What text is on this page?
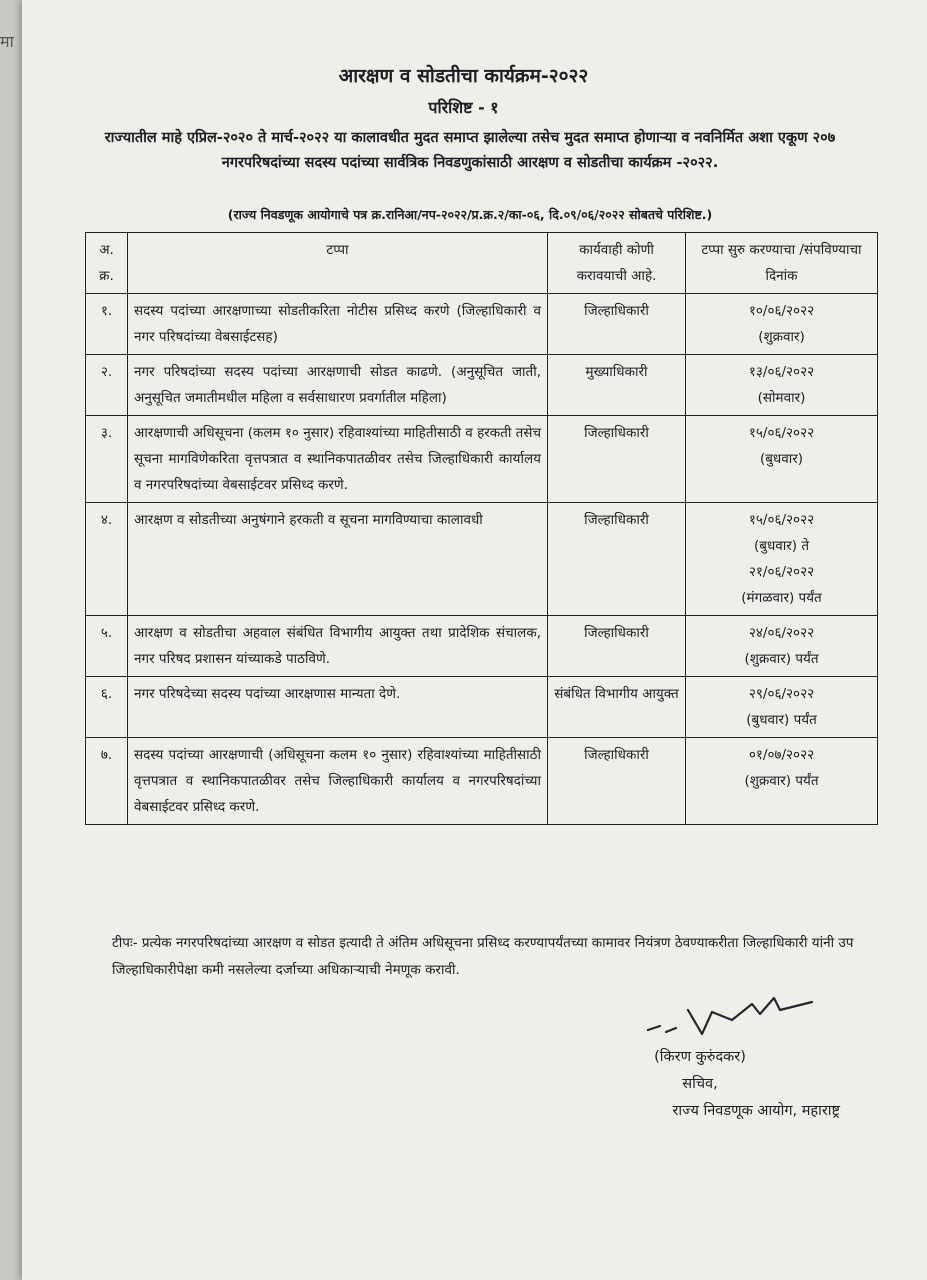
मा
आरक्षण व सोडतीचा कार्यक्रम-२०२२
परिशिष्ट - १
राज्यातील माहे एप्रिल-२०२० ते मार्च-२०२२ या कालावधीत मुदत समाप्त झालेल्या तसेच मुदत समाप्त होणाऱ्या व नवनिर्मित अशा एकूण २०७ नगरपरिषदांच्या सदस्य पदांच्या सार्वत्रिक निवडणुकांसाठी आरक्षण व सोडतीचा कार्यक्रम -२०२२.
(राज्य निवडणूक आयोगाचे पत्र क्र.रानिआ/नप-२०२२/प्र.क्र.२/का-०६, दि.०९/०६/२०२२ सोबतचे परिशिष्ट.)
अ. क्र.	टप्पा	कार्यवाही कोणी करावयाची आहे.	टप्पा सुरु करण्याचा /संपविण्याचा दिनांक
१.	सदस्य पदांच्या आरक्षणाच्या सोडतीकरिता नोटीस प्रसिध्द करणे (जिल्हाधिकारी व नगर परिषदांच्या वेबसाईटसह)	जिल्हाधिकारी	१०/०६/२०२२
(शुक्रवार)

२.	नगर परिषदांच्या सदस्य पदांच्या आरक्षणाची सोडत काढणे. (अनुसूचित जाती, अनुसूचित जमातीमधील महिला व सर्वसाधारण प्रवर्गातील महिला)	मुख्याधिकारी	१३/०६/२०२२
(सोमवार)

३.	आरक्षणाची अधिसूचना (कलम १० नुसार) रहिवाश्यांच्या माहितीसाठी व हरकती तसेच सूचना मागविणेकरिता वृत्तपत्रात व स्थानिकपातळीवर तसेच जिल्हाधिकारी कार्यालय व नगरपरिषदांच्या वेबसाईटवर प्रसिध्द करणे.	जिल्हाधिकारी	१५/०६/२०२२
(बुधवार)

४.	आरक्षण व सोडतीच्या अनुषंगाने हरकती व सूचना मागविण्याचा कालावधी	जिल्हाधिकारी	१५/०६/२०२२
(बुधवार) ते
२१/०६/२०२२
(मंगळवार) पर्यंत

५.	आरक्षण व सोडतीचा अहवाल संबंधित विभागीय आयुक्त तथा प्रादेशिक संचालक, नगर परिषद प्रशासन यांच्याकडे पाठविणे.	जिल्हाधिकारी	२४/०६/२०२२
(शुक्रवार) पर्यंत

६.	नगर परिषदेच्या सदस्य पदांच्या आरक्षणास मान्यता देणे.	संबंधित विभागीय आयुक्त	२९/०६/२०२२
(बुधवार) पर्यंत

७.	सदस्य पदांच्या आरक्षणाची (अधिसूचना कलम १० नुसार) रहिवाश्यांच्या माहितीसाठी वृत्तपत्रात व स्थानिकपातळीवर तसेच जिल्हाधिकारी कार्यालय व नगरपरिषदांच्या वेबसाईटवर प्रसिध्द करणे.	जिल्हाधिकारी	०१/०७/२०२२
(शुक्रवार) पर्यंत
टीपः- प्रत्येक नगरपरिषदांच्या आरक्षण व सोडत इत्यादी ते अंतिम अधिसूचना प्रसिध्द करण्यापर्यंतच्या कामावर नियंत्रण ठेवण्याकरीता जिल्हाधिकारी यांनी उप जिल्हाधिकारीपेक्षा कमी नसलेल्या दर्जाच्या अधिकाऱ्याची नेमणूक करावी.
(किरण कुरुंदकर)
सचिव,
राज्य निवडणूक आयोग, महाराष्ट्र
